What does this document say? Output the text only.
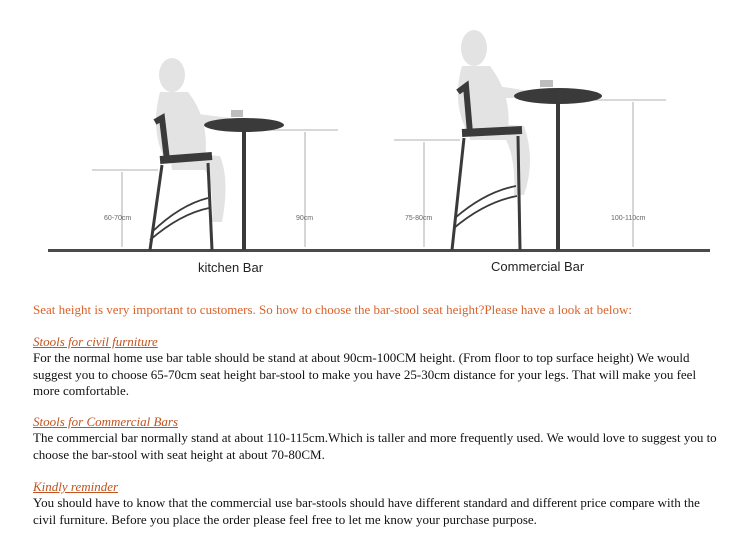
60-70cm	90cm	75-80cm	100-110cm
kitchen Bar	Commercial Bar
Seat height is very important to customers. So how to choose the bar-stool seat height?Please have a look at below:
Stools for civil furniture

For the normal home use bar table should be stand at about 90cm-100CM height. (From floor to top surface height) We would suggest you to choose 65-70cm seat height bar-stool to make you have 25-30cm distance for your legs. That will make you feel more comfortable.

Stools for Commercial Bars

The commercial bar normally stand at about 110-115cm.Which is taller and more frequently used. We would love to suggest you to choose the bar-stool with seat height at about 70-80CM.

Kindly reminder

You should have to know that the commercial use bar-stools should have different standard and different price compare with the civil furniture. Before you place the order please feel free to let me know your purchase purpose.
